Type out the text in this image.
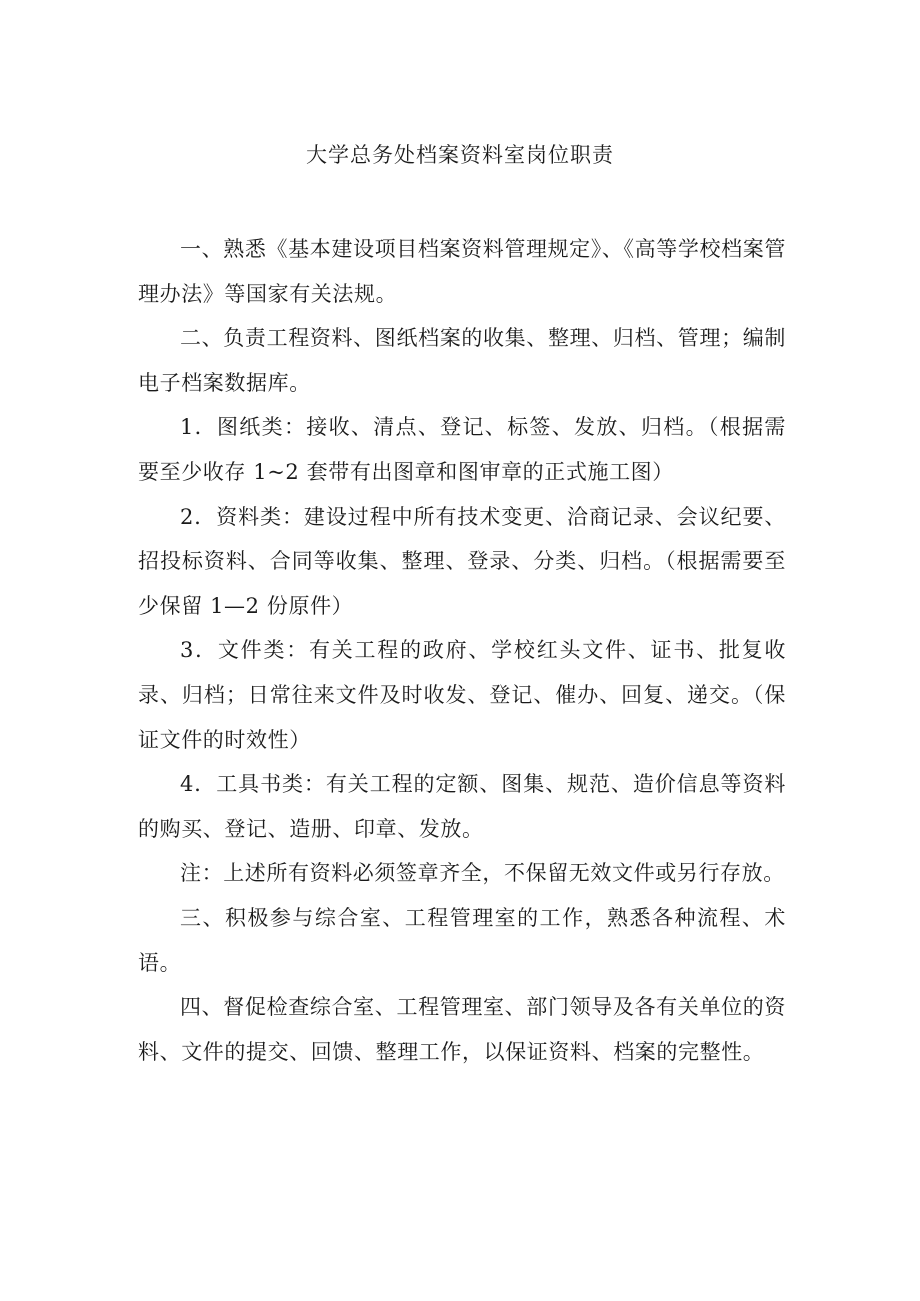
大学总务处档案资料室岗位职责

一、熟悉《基本建设项目档案资料管理规定》、《高等学校档案管理办法》等国家有关法规。

二、负责工程资料、图纸档案的收集、整理、归档、管理；编制电子档案数据库。

1．图纸类：接收、清点、登记、标签、发放、归档。（根据需要至少收存 1~2 套带有出图章和图审章的正式施工图）

2．资料类：建设过程中所有技术变更、洽商记录、会议纪要、招投标资料、合同等收集、整理、登录、分类、归档。（根据需要至少保留 1—2 份原件）

3．文件类：有关工程的政府、学校红头文件、证书、批复收录、归档；日常往来文件及时收发、登记、催办、回复、递交。（保证文件的时效性）

4．工具书类：有关工程的定额、图集、规范、造价信息等资料的购买、登记、造册、印章、发放。

注：上述所有资料必须签章齐全，不保留无效文件或另行存放。

三、积极参与综合室、工程管理室的工作，熟悉各种流程、术语。

四、督促检查综合室、工程管理室、部门领导及各有关单位的资料、文件的提交、回馈、整理工作，以保证资料、档案的完整性。
